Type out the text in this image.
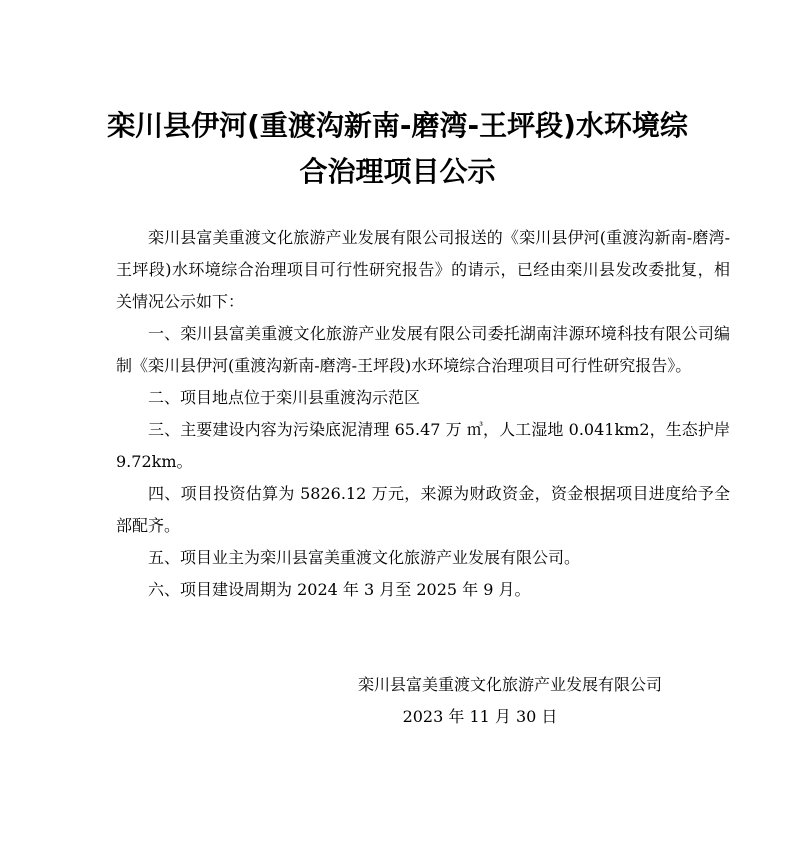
栾川县伊河(重渡沟新南-磨湾-王坪段)水环境综
合治理项目公示

栾川县富美重渡文化旅游产业发展有限公司报送的《栾川县伊河(重渡沟新南-磨湾-王坪段)水环境综合治理项目可行性研究报告》的请示，已经由栾川县发改委批复，相关情况公示如下：

一、栾川县富美重渡文化旅游产业发展有限公司委托湖南沣源环境科技有限公司编制《栾川县伊河(重渡沟新南-磨湾-王坪段)水环境综合治理项目可行性研究报告》。

二、项目地点位于栾川县重渡沟示范区

三、主要建设内容为污染底泥清理 65.47 万 ㎥，人工湿地 0.041km2，生态护岸 9.72km。

四、项目投资估算为 5826.12 万元，来源为财政资金，资金根据项目进度给予全部配齐。

五、项目业主为栾川县富美重渡文化旅游产业发展有限公司。

六、项目建设周期为 2024 年 3 月至 2025 年 9 月。

栾川县富美重渡文化旅游产业发展有限公司

2023 年 11 月 30 日
